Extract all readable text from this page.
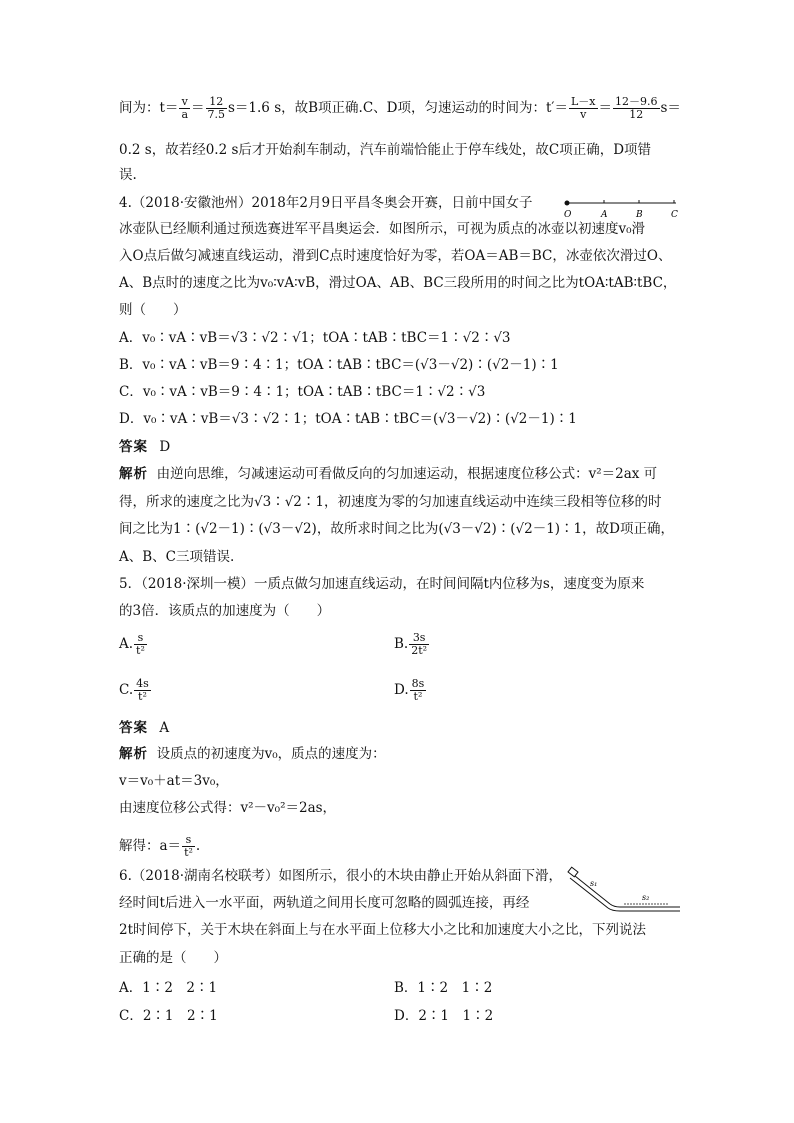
间为：$t= \frac{v}{a} = \frac{12}{7.5} s=1.6$ s，故B项正确.C、D项，匀速运动的时间为：$t'= \frac{L-x}{v} = \frac{12-9.6}{12} s=$
0.2 s，故若经0.2 s后才开始刹车制动，汽车前端恰能止于停车线处，故C项正确，D项错
误.
4.（2018·安徽池州）2018年2月9日平昌冬奥会开赛，日前中国女子
O	A	B	C
冰壶队已经顺利通过预选赛进军平昌奥运会．如图所示，可视为质点的冰壶以初速度v₀滑
入O点后做匀减速直线运动，滑到C点时速度恰好为零，若OA＝AB＝BC，冰壶依次滑过O、
A、B点时的速度之比为v₀∶vA∶vB，滑过OA、AB、BC三段所用的时间之比为tOA∶tAB∶tBC，
则（　　）
A．v₀∶vA∶vB＝√3∶√2∶√1；tOA∶tAB∶tBC＝1∶√2∶√3
B．v₀∶vA∶vB＝9∶4∶1；tOA∶tAB∶tBC＝(√3－√2)∶(√2－1)∶1
C．v₀∶vA∶vB＝9∶4∶1；tOA∶tAB∶tBC＝1∶√2∶√3
D．v₀∶vA∶vB＝√3∶√2∶1；tOA∶tAB∶tBC＝(√3－√2)∶(√2－1)∶1
答案 D
解析 由逆向思维，匀减速运动可看做反向的匀加速运动，根据速度位移公式：v²＝2ax 可
得，所求的速度之比为√3∶√2∶1，初速度为零的匀加速直线运动中连续三段相等位移的时
间之比为1∶(√2－1)∶(√3－√2)，故所求时间之比为(√3－√2)∶(√2－1)∶1，故D项正确，
A、B、C三项错误.
5．（2018·深圳一模）一质点做匀加速直线运动，在时间间隔t内位移为s，速度变为原来
的3倍．该质点的加速度为（　　）
A. $\frac{s}{\text{t²}}$	B. $\frac{3s}{\text{2t²}}$
C. $\frac{4s}{\text{t²}}$	D. $\frac{8s}{\text{t²}}$
答案 A
解析 设质点的初速度为v₀，质点的速度为：
v＝v₀＋at＝3v₀，
由速度位移公式得：v²－v₀²＝2as，
解得：$a= \frac{s}{\text{t²}}$ .
6.（2018·湖南名校联考）如图所示，很小的木块由静止开始从斜面下滑，	s₁
s₂
经时间t后进入一水平面，两轨道之间用长度可忽略的圆弧连接，再经
2t时间停下，关于木块在斜面上与在水平面上位移大小之比和加速度大小之比，下列说法
正确的是（　　）
A．1∶2　2∶1	B．1∶2　1∶2
C．2∶1　2∶1	D．2∶1　1∶2
